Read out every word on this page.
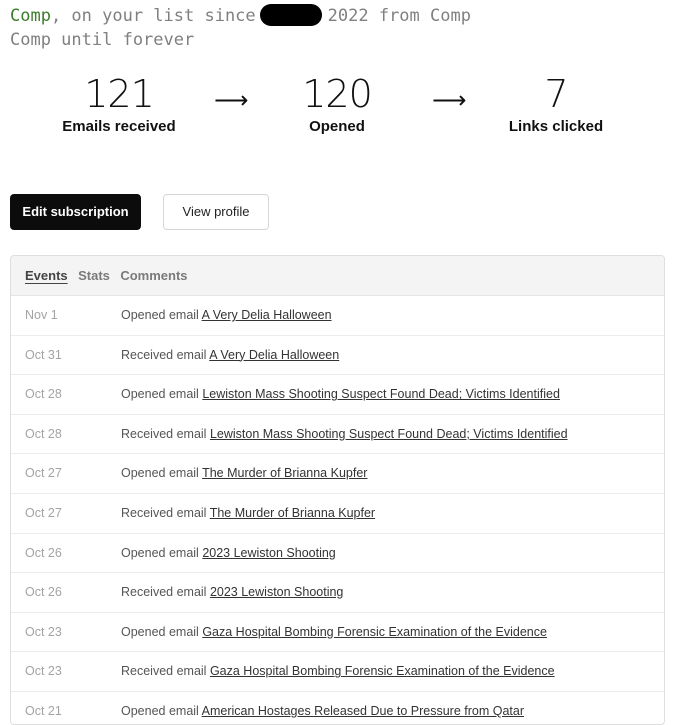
Comp, on your list since	2022 from Comp
Comp until forever
121
Emails received
⟶	120
Opened
⟶	7
Links clicked
Edit subscription	View profile
Events Stats Comments
Nov 1	Opened email A Very Delia Halloween
Oct 31	Received email A Very Delia Halloween
Oct 28	Opened email Lewiston Mass Shooting Suspect Found Dead; Victims Identified
Oct 28	Received email Lewiston Mass Shooting Suspect Found Dead; Victims Identified
Oct 27	Opened email The Murder of Brianna Kupfer
Oct 27	Received email The Murder of Brianna Kupfer
Oct 26	Opened email 2023 Lewiston Shooting
Oct 26	Received email 2023 Lewiston Shooting
Oct 23	Opened email Gaza Hospital Bombing Forensic Examination of the Evidence
Oct 23	Received email Gaza Hospital Bombing Forensic Examination of the Evidence
Oct 21	Opened email American Hostages Released Due to Pressure from Qatar
